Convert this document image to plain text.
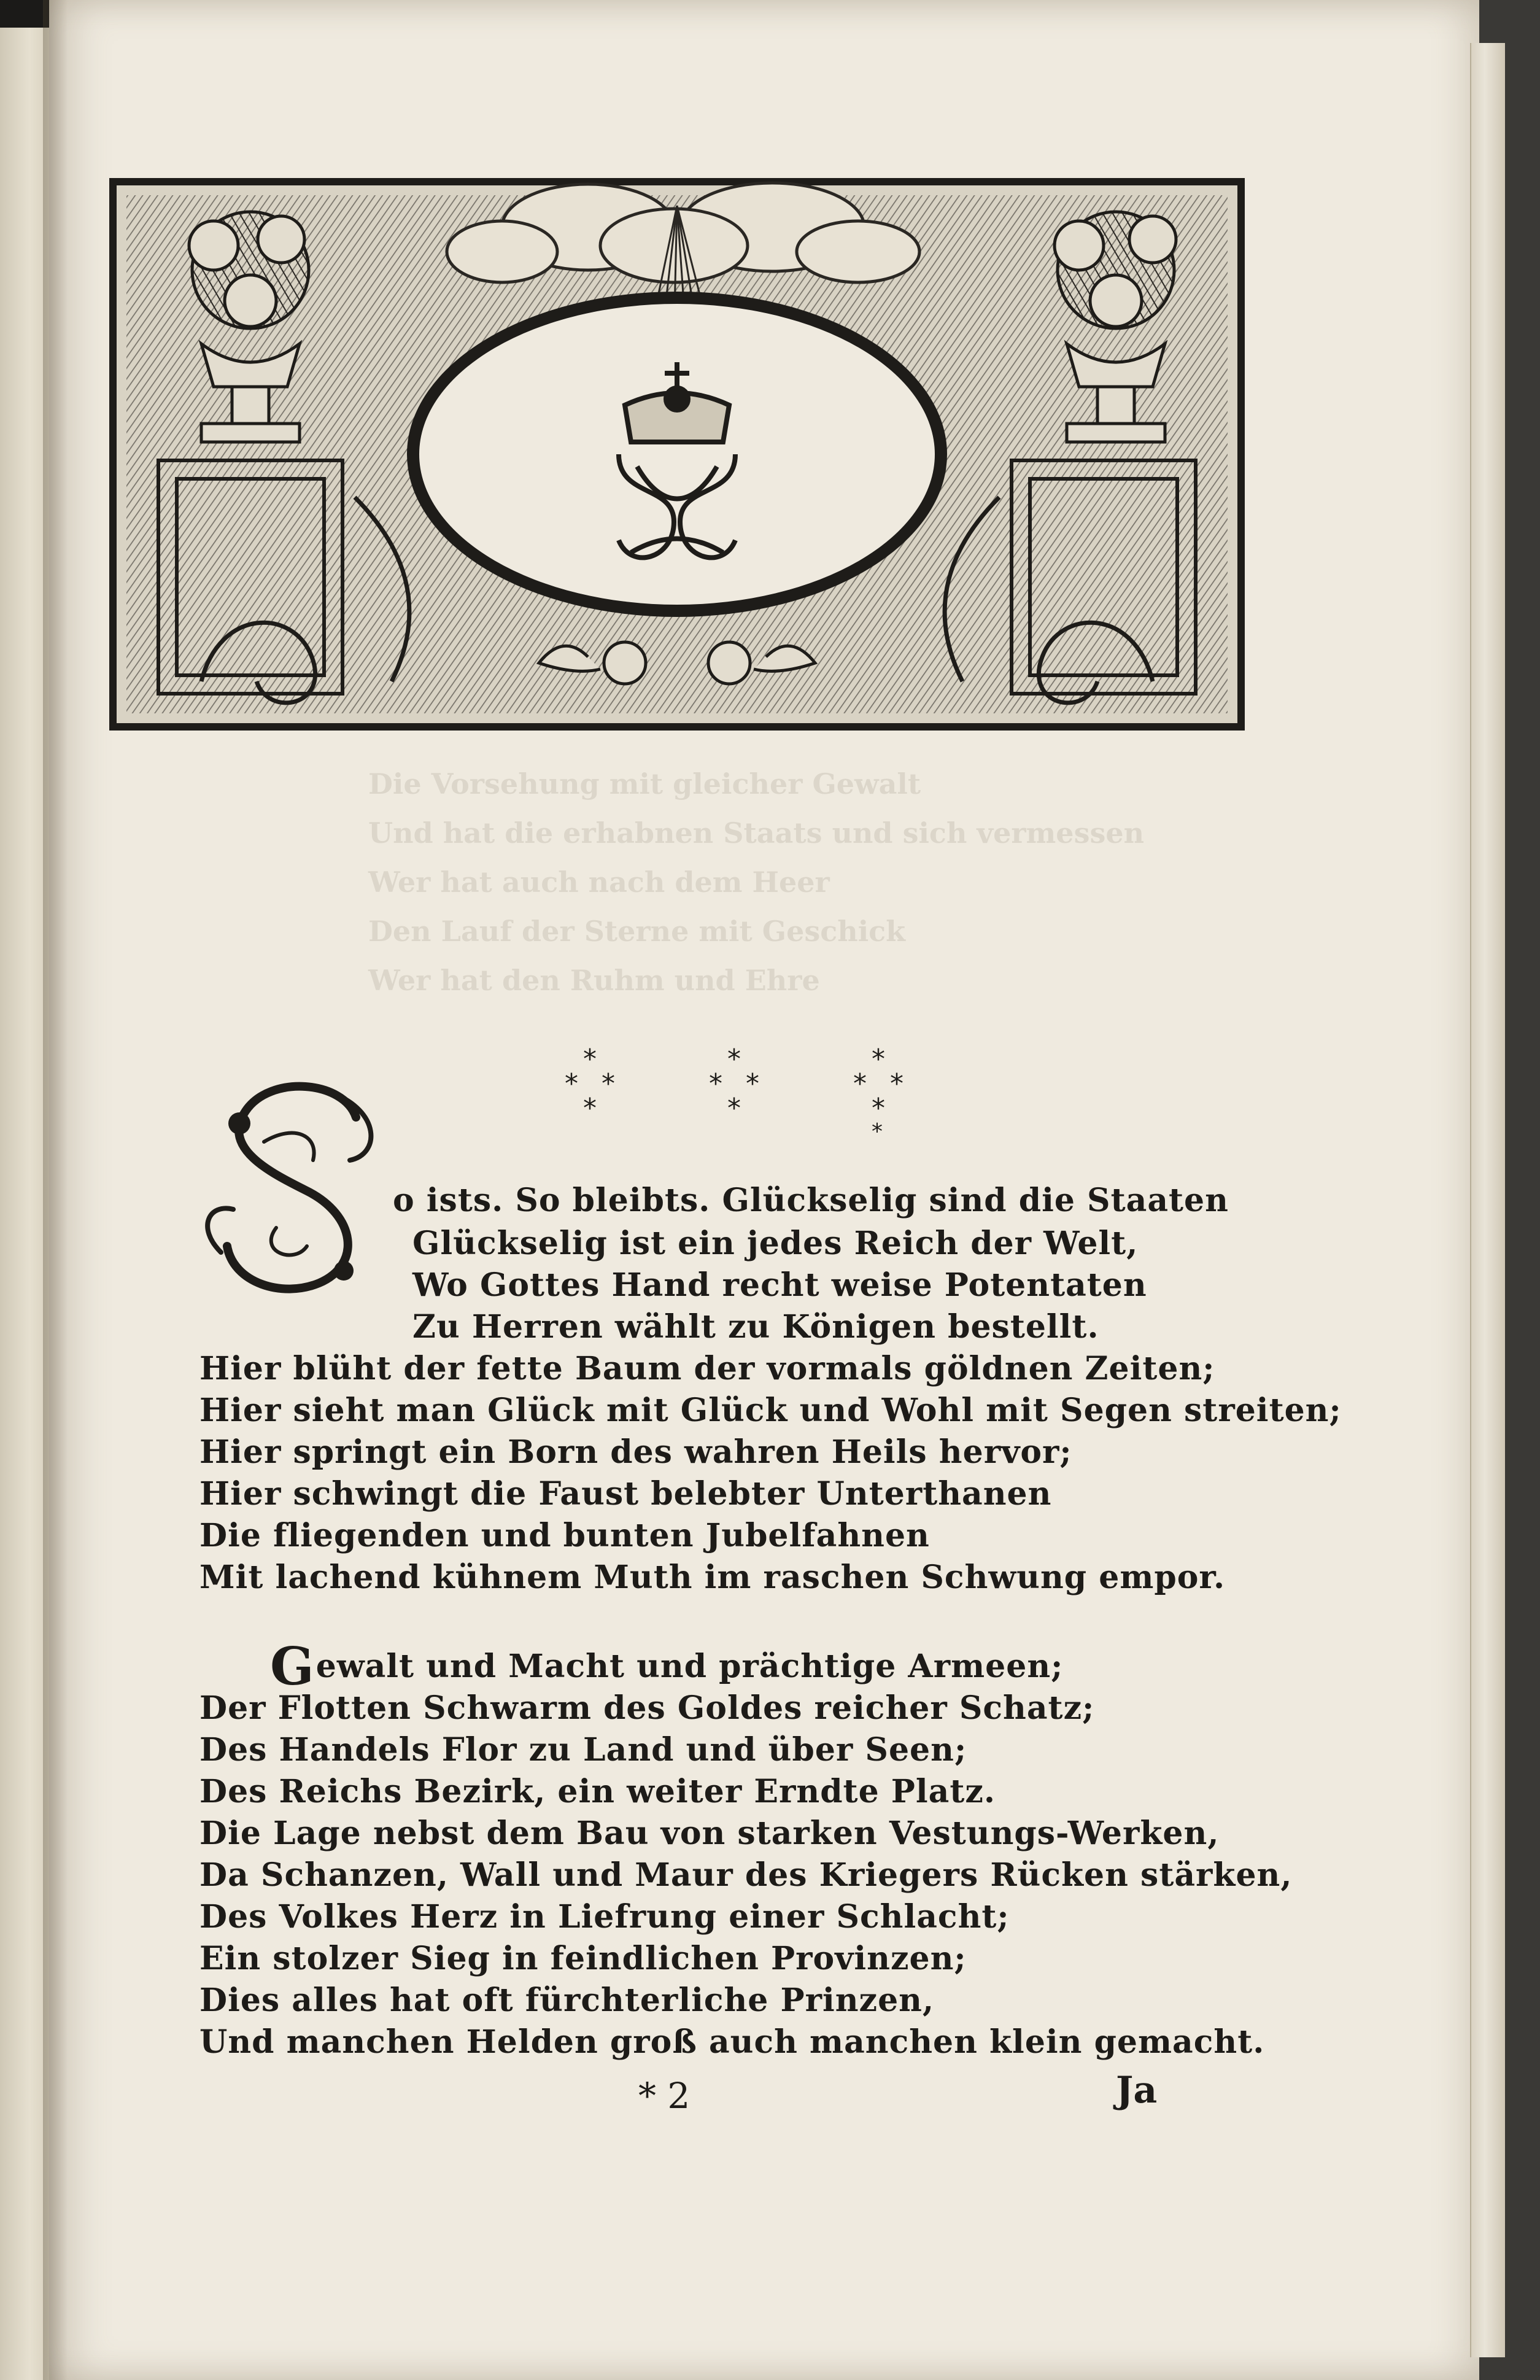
Die Vorsehung mit gleicher Gewalt
Und hat die erhabnen Staats und sich vermessen
Wer hat auch nach dem Heer
Den Lauf der Sterne mit Geschick
Wer hat den Ruhm und Ehre
*
* *
*
*
* *
*
*
* *
*
*
o ists. So bleibts. Glückselig sind die Staaten
Glückselig ist ein jedes Reich der Welt,
Wo Gottes Hand recht weise Potentaten
Zu Herren wählt zu Königen bestellt.
Hier blüht der fette Baum der vormals göldnen Zeiten;
Hier sieht man Glück mit Glück und Wohl mit Segen streiten;
Hier springt ein Born des wahren Heils hervor;
Hier schwingt die Faust belebter Unterthanen
Die fliegenden und bunten Jubelfahnen
Mit lachend kühnem Muth im raschen Schwung empor.
Gewalt und Macht und prächtige Armeen;
Der Flotten Schwarm des Goldes reicher Schatz;
Des Handels Flor zu Land und über Seen;
Des Reichs Bezirk, ein weiter Erndte Platz.
Die Lage nebst dem Bau von starken Vestungs-Werken,
Da Schanzen, Wall und Maur des Kriegers Rücken stärken,
Des Volkes Herz in Liefrung einer Schlacht;
Ein stolzer Sieg in feindlichen Provinzen;
Dies alles hat oft fürchterliche Prinzen,
Und manchen Helden groß auch manchen klein gemacht.
* 2	Ja
